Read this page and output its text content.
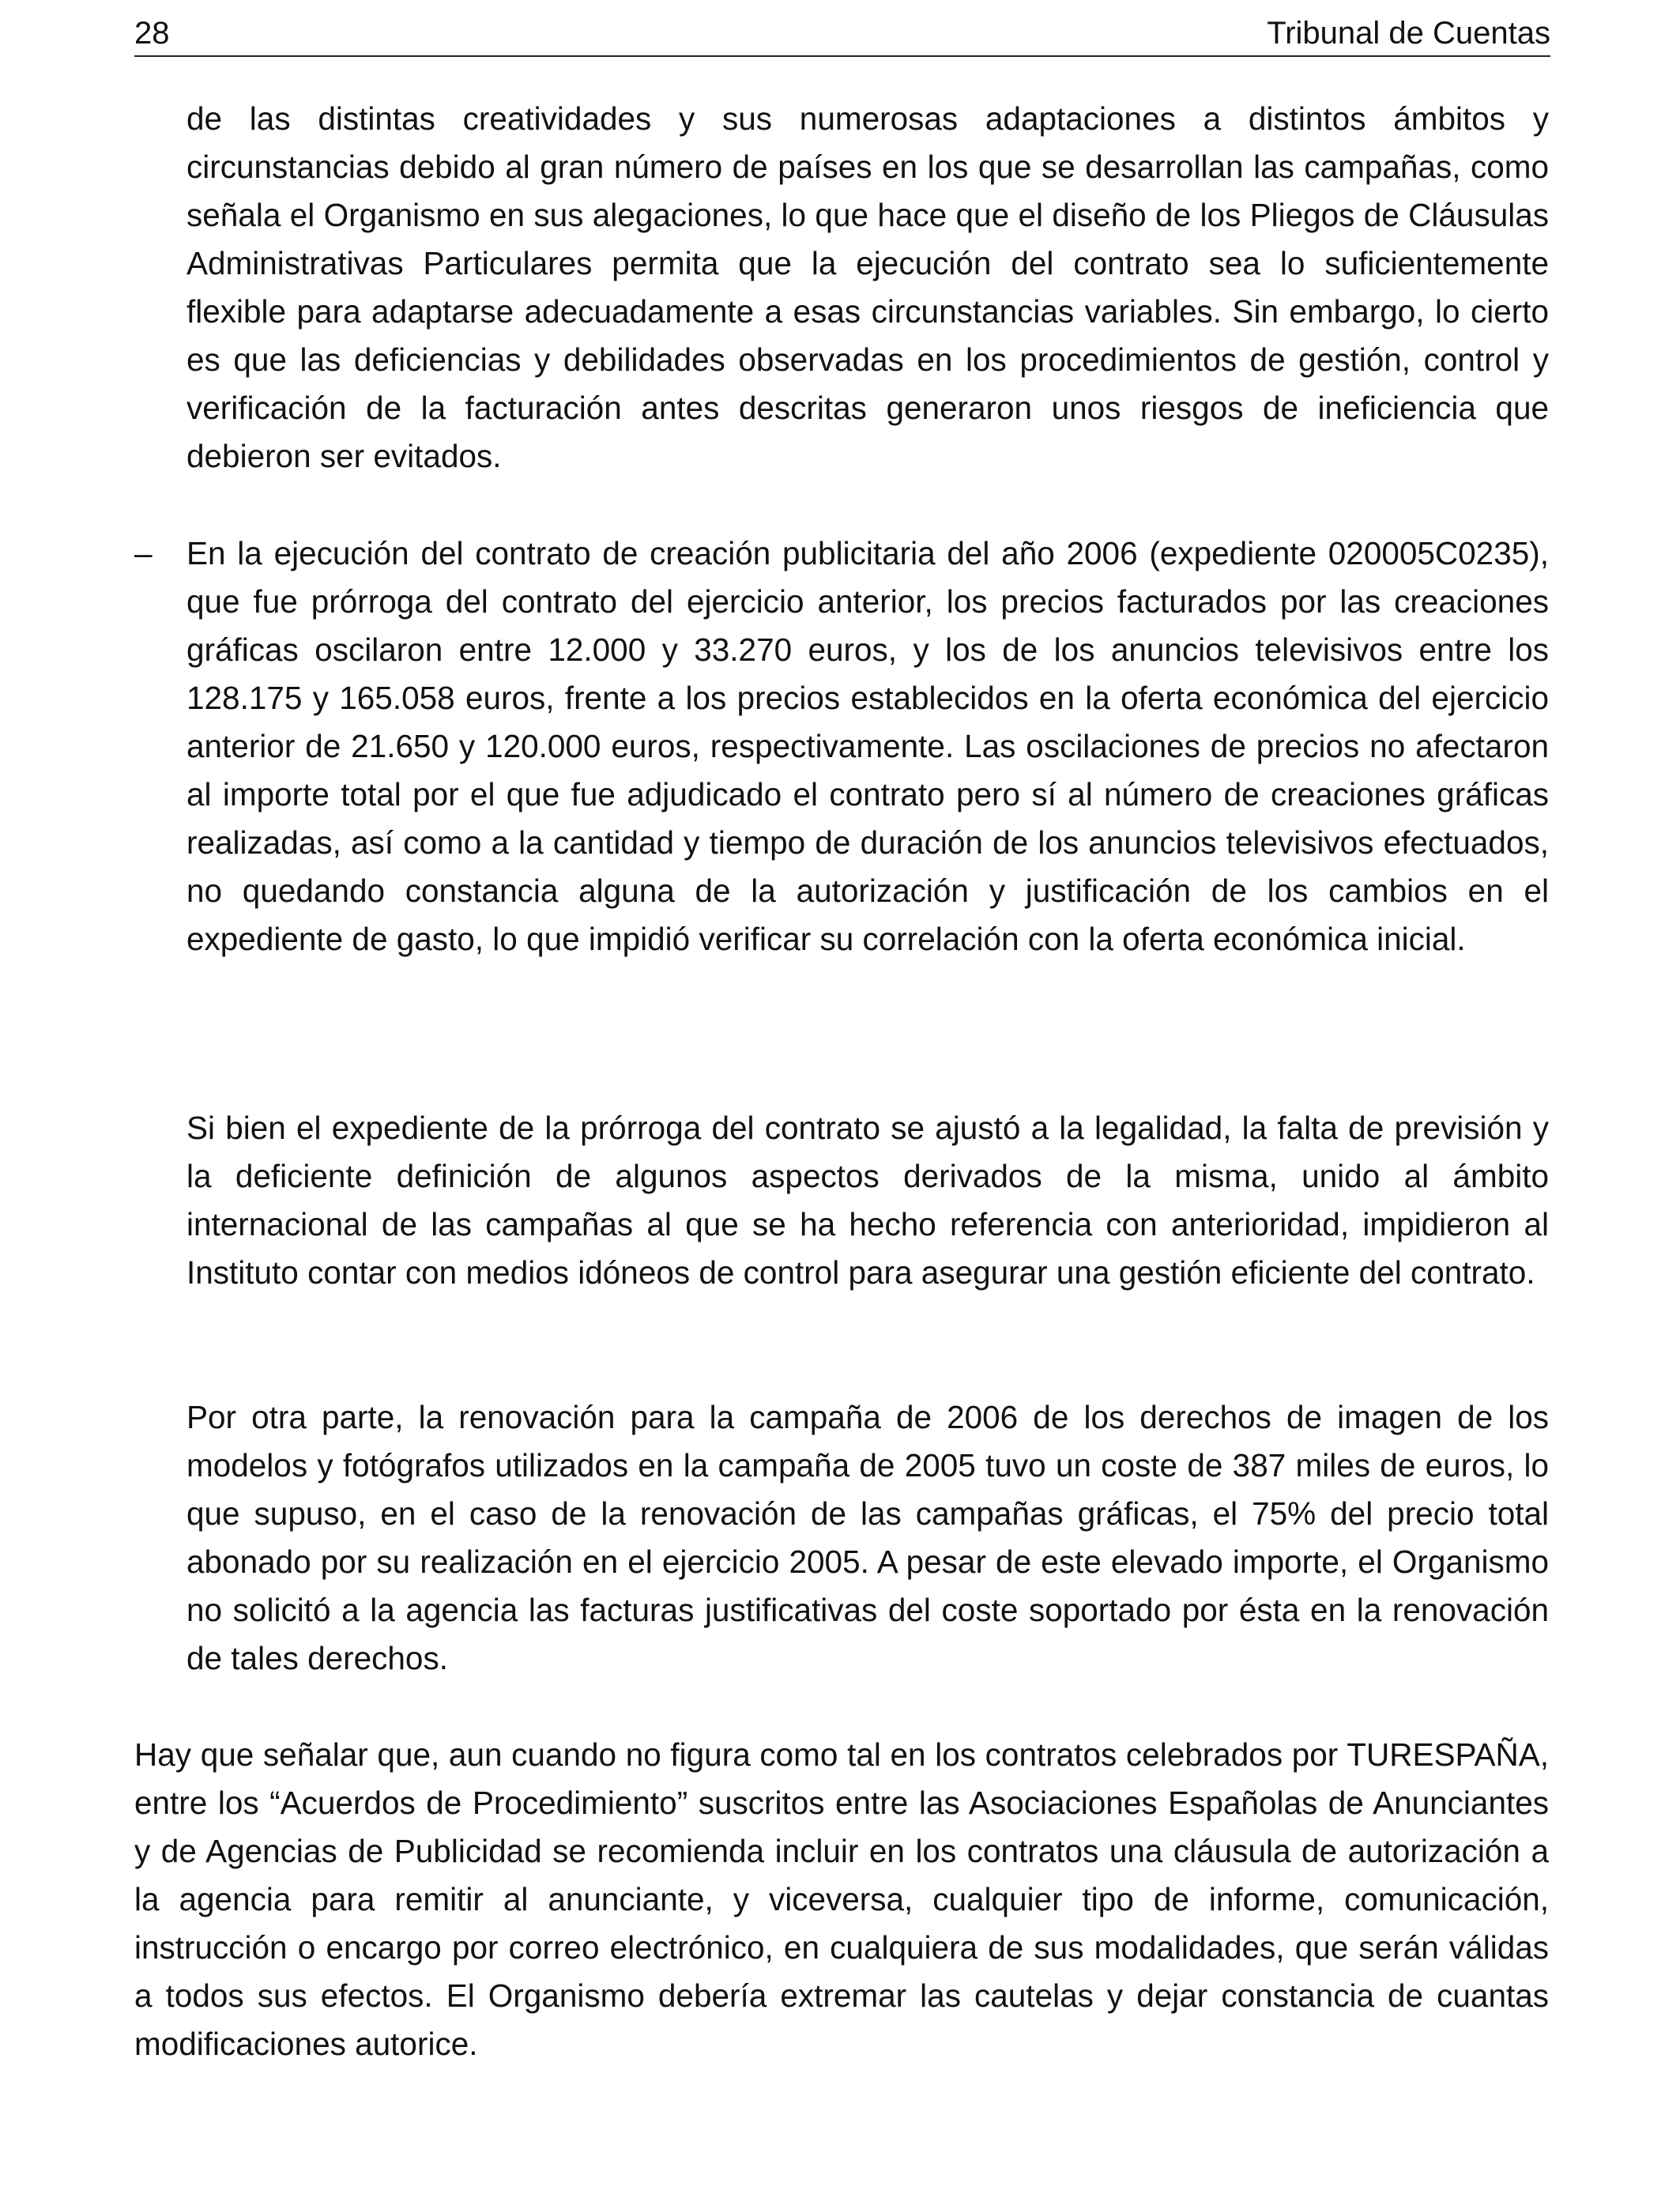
28	Tribunal de Cuentas

de las distintas creatividades y sus numerosas adaptaciones a distintos ámbitos y circunstancias debido al gran número de países en los que se desarrollan las campañas, como señala el Organismo en sus alegaciones, lo que hace que el diseño de los Pliegos de Cláusulas Administrativas Particulares permita que la ejecución del contrato sea lo suficientemente flexible para adaptarse adecuadamente a esas circunstancias variables. Sin embargo, lo cierto es que las deficiencias y debilidades observadas en los procedimientos de gestión, control y verificación de la facturación antes descritas generaron unos riesgos de ineficiencia que debieron ser evitados.

– En la ejecución del contrato de creación publicitaria del año 2006 (expediente 020005C0235), que fue prórroga del contrato del ejercicio anterior, los precios facturados por las creaciones gráficas oscilaron entre 12.000 y 33.270 euros, y los de los anuncios televisivos entre los 128.175 y 165.058 euros, frente a los precios establecidos en la oferta económica del ejercicio anterior de 21.650 y 120.000 euros, respectivamente. Las oscilaciones de precios no afectaron al importe total por el que fue adjudicado el contrato pero sí al número de creaciones gráficas realizadas, así como a la cantidad y tiempo de duración de los anuncios televisivos efectuados, no quedando constancia alguna de la autorización y justificación de los cambios en el expediente de gasto, lo que impidió verificar su correlación con la oferta económica inicial.

Si bien el expediente de la prórroga del contrato se ajustó a la legalidad, la falta de previsión y la deficiente definición de algunos aspectos derivados de la misma, unido al ámbito internacional de las campañas al que se ha hecho referencia con anterioridad, impidieron al Instituto contar con medios idóneos de control para asegurar una gestión eficiente del contrato.

Por otra parte, la renovación para la campaña de 2006 de los derechos de imagen de los modelos y fotógrafos utilizados en la campaña de 2005 tuvo un coste de 387 miles de euros, lo que supuso, en el caso de la renovación de las campañas gráficas, el 75% del precio total abonado por su realización en el ejercicio 2005. A pesar de este elevado importe, el Organismo no solicitó a la agencia las facturas justificativas del coste soportado por ésta en la renovación de tales derechos.

Hay que señalar que, aun cuando no figura como tal en los contratos celebrados por TURESPAÑA, entre los “Acuerdos de Procedimiento” suscritos entre las Asociaciones Españolas de Anunciantes y de Agencias de Publicidad se recomienda incluir en los contratos una cláusula de autorización a la agencia para remitir al anunciante, y viceversa, cualquier tipo de informe, comunicación, instrucción o encargo por correo electrónico, en cualquiera de sus modalidades, que serán válidas a todos sus efectos. El Organismo debería extremar las cautelas y dejar constancia de cuantas modificaciones autorice.
